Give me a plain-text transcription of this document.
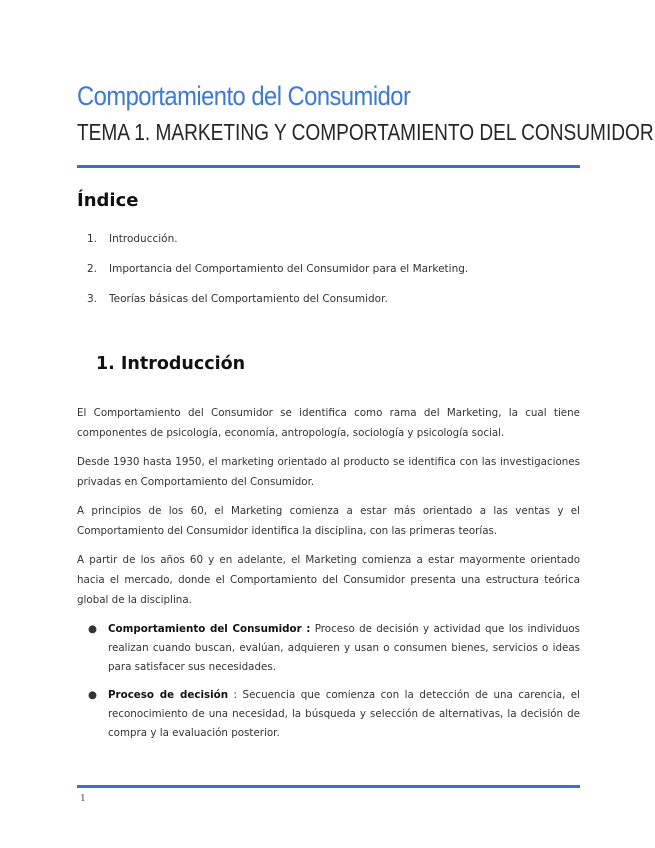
Comportamiento del Consumidor
TEMA 1. MARKETING Y COMPORTAMIENTO DEL CONSUMIDOR
Índice
1. Introducción.
2. Importancia del Comportamiento del Consumidor para el Marketing.
3. Teorías básicas del Comportamiento del Consumidor.
1. Introducción

El Comportamiento del Consumidor se identifica como rama del Marketing, la cual tiene componentes de psicología, economía, antropología, sociología y psicología social.

Desde 1930 hasta 1950, el marketing orientado al producto se identifica con las investigaciones privadas en Comportamiento del Consumidor.

A principios de los 60, el Marketing comienza a estar más orientado a las ventas y el Comportamiento del Consumidor identifica la disciplina, con las primeras teorías.

A partir de los años 60 y en adelante, el Marketing comienza a estar mayormente orientado hacia el mercado, donde el Comportamiento del Consumidor presenta una estructura teórica global de la disciplina.

● Comportamiento del Consumidor : Proceso de decisión y actividad que los individuos realizan cuando buscan, evalúan, adquieren y usan o consumen bienes, servicios o ideas para satisfacer sus necesidades.
● Proceso de decisión : Secuencia que comienza con la detección de una carencia, el reconocimiento de una necesidad, la búsqueda y selección de alternativas, la decisión de compra y la evaluación posterior.
1
